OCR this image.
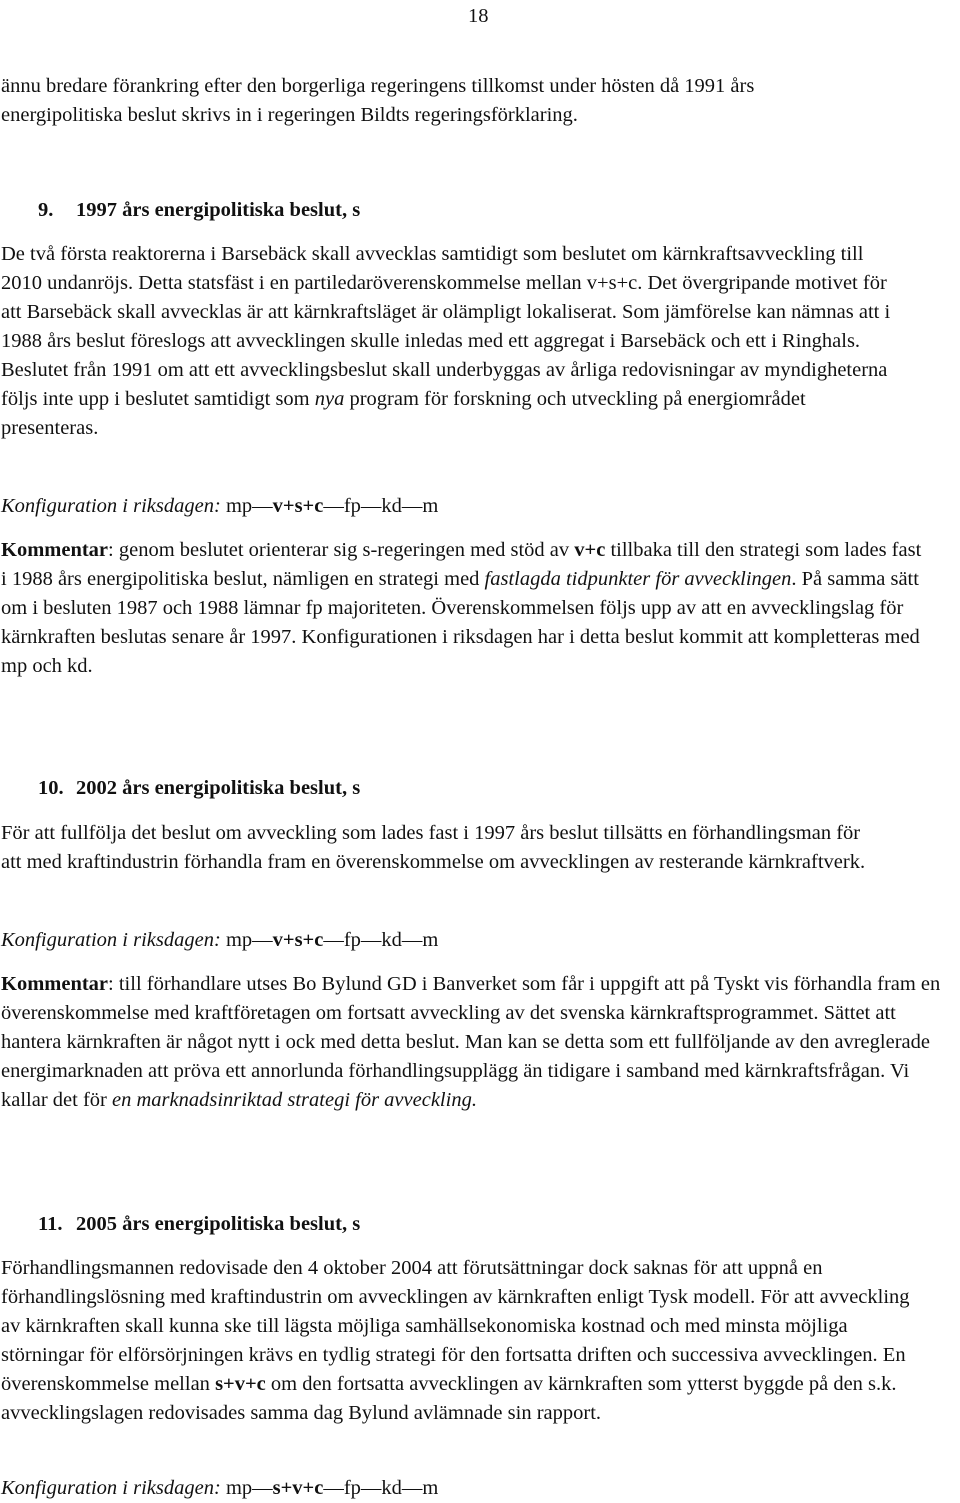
18

ännu bredare förankring efter den borgerliga regeringens tillkomst under hösten då 1991 års
energipolitiska beslut skrivs in i regeringen Bildts regeringsförklaring.

9. 1997 års energipolitiska beslut, s

De två första reaktorerna i Barsebäck skall avvecklas samtidigt som beslutet om kärnkraftsavveckling till 2010 undanröjs. Detta statsfäst i en partiledaröverenskommelse mellan v+s+c. Det övergripande motivet för att Barsebäck skall avvecklas är att kärnkraftsläget är olämpligt lokaliserat. Som jämförelse kan nämnas att i 1988 års beslut föreslogs att avvecklingen skulle inledas med ett aggregat i Barsebäck och ett i Ringhals. Beslutet från 1991 om att ett avvecklingsbeslut skall underbyggas av årliga redovisningar av myndigheterna följs inte upp i beslutet samtidigt som nya program för forskning och utveckling på energiområdet presenteras.

Konfiguration i riksdagen: mp—v+s+c—fp—kd—m

Kommentar: genom beslutet orienterar sig s-regeringen med stöd av v+c tillbaka till den strategi som lades fast i 1988 års energipolitiska beslut, nämligen en strategi med fastlagda tidpunkter för avvecklingen. På samma sätt om i besluten 1987 och 1988 lämnar fp majoriteten. Överenskommelsen följs upp av att en avvecklingslag för kärnkraften beslutas senare år 1997. Konfigurationen i riksdagen har i detta beslut kommit att kompletteras med mp och kd.

10. 2002 års energipolitiska beslut, s

För att fullfölja det beslut om avveckling som lades fast i 1997 års beslut tillsätts en förhandlingsman för att med kraftindustrin förhandla fram en överenskommelse om avvecklingen av resterande kärnkraftverk.

Konfiguration i riksdagen: mp—v+s+c—fp—kd—m

Kommentar: till förhandlare utses Bo Bylund GD i Banverket som får i uppgift att på Tyskt vis förhandla fram en överenskommelse med kraftföretagen om fortsatt avveckling av det svenska kärnkraftsprogrammet. Sättet att hantera kärnkraften är något nytt i ock med detta beslut. Man kan se detta som ett fullföljande av den avreglerade energimarknaden att pröva ett annorlunda förhandlingsupplägg än tidigare i samband med kärnkraftsfrågan. Vi kallar det för en marknadsinriktad strategi för avveckling.

11. 2005 års energipolitiska beslut, s

Förhandlingsmannen redovisade den 4 oktober 2004 att förutsättningar dock saknas för att uppnå en förhandlingslösning med kraftindustrin om avvecklingen av kärnkraften enligt Tysk modell. För att avveckling av kärnkraften skall kunna ske till lägsta möjliga samhällsekonomiska kostnad och med minsta möjliga störningar för elförsörjningen krävs en tydlig strategi för den fortsatta driften och successiva avvecklingen. En överenskommelse mellan s+v+c om den fortsatta avvecklingen av kärnkraften som ytterst byggde på den s.k. avvecklingslagen redovisades samma dag Bylund avlämnade sin rapport.

Konfiguration i riksdagen: mp—s+v+c—fp—kd—m
